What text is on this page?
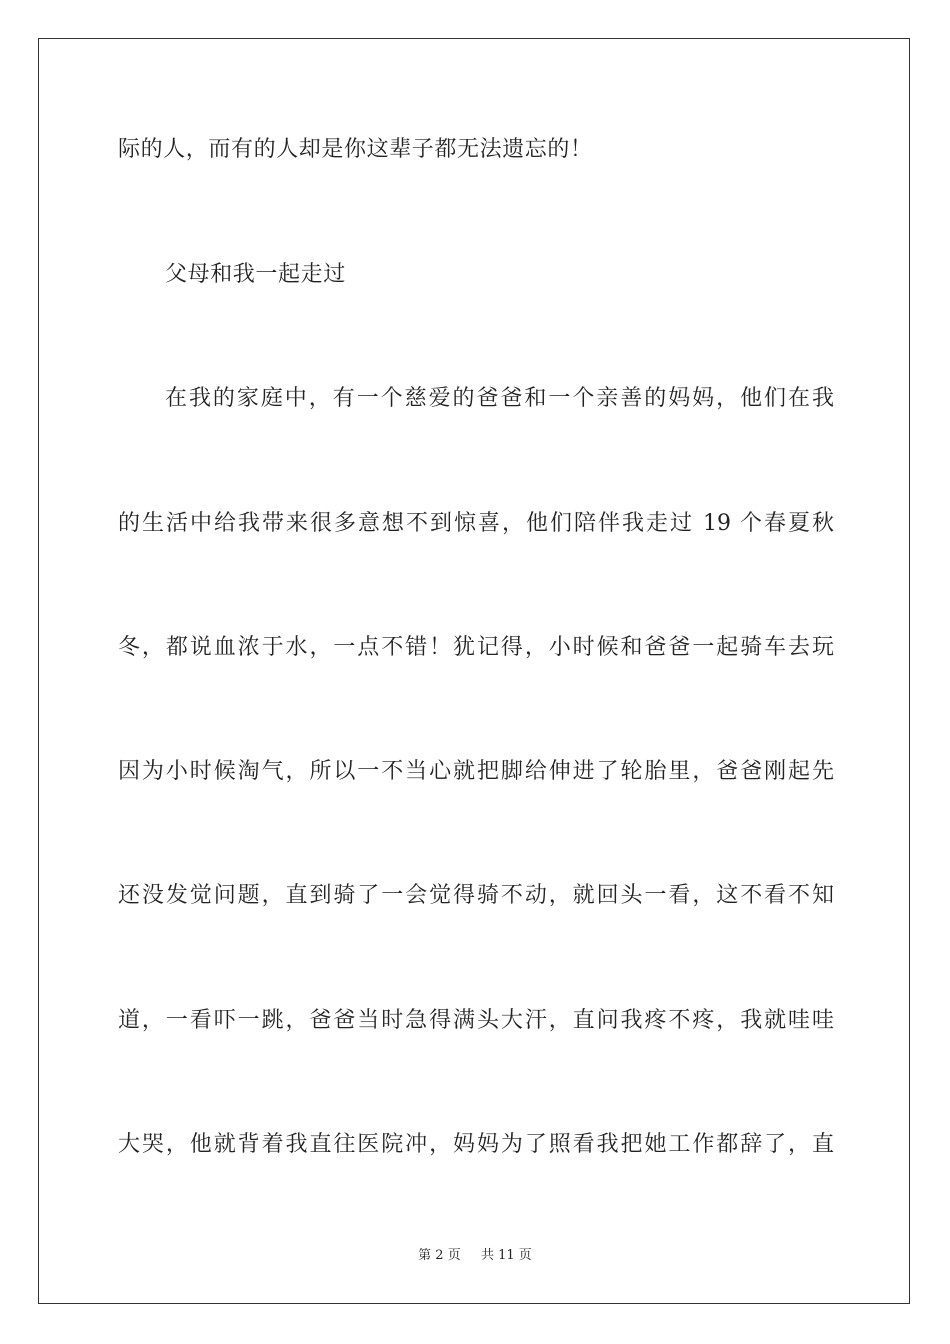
际的人，而有的人却是你这辈子都无法遗忘的！
父母和我一起走过
在我的家庭中，有一个慈爱的爸爸和一个亲善的妈妈，他们在我
的生活中给我带来很多意想不到惊喜，他们陪伴我走过 19 个春夏秋
冬，都说血浓于水，一点不错！犹记得，小时候和爸爸一起骑车去玩
因为小时候淘气，所以一不当心就把脚给伸进了轮胎里，爸爸刚起先
还没发觉问题，直到骑了一会觉得骑不动，就回头一看，这不看不知
道，一看吓一跳，爸爸当时急得满头大汗，直问我疼不疼，我就哇哇
大哭，他就背着我直往医院冲，妈妈为了照看我把她工作都辞了，直
第 2 页 共 11 页
